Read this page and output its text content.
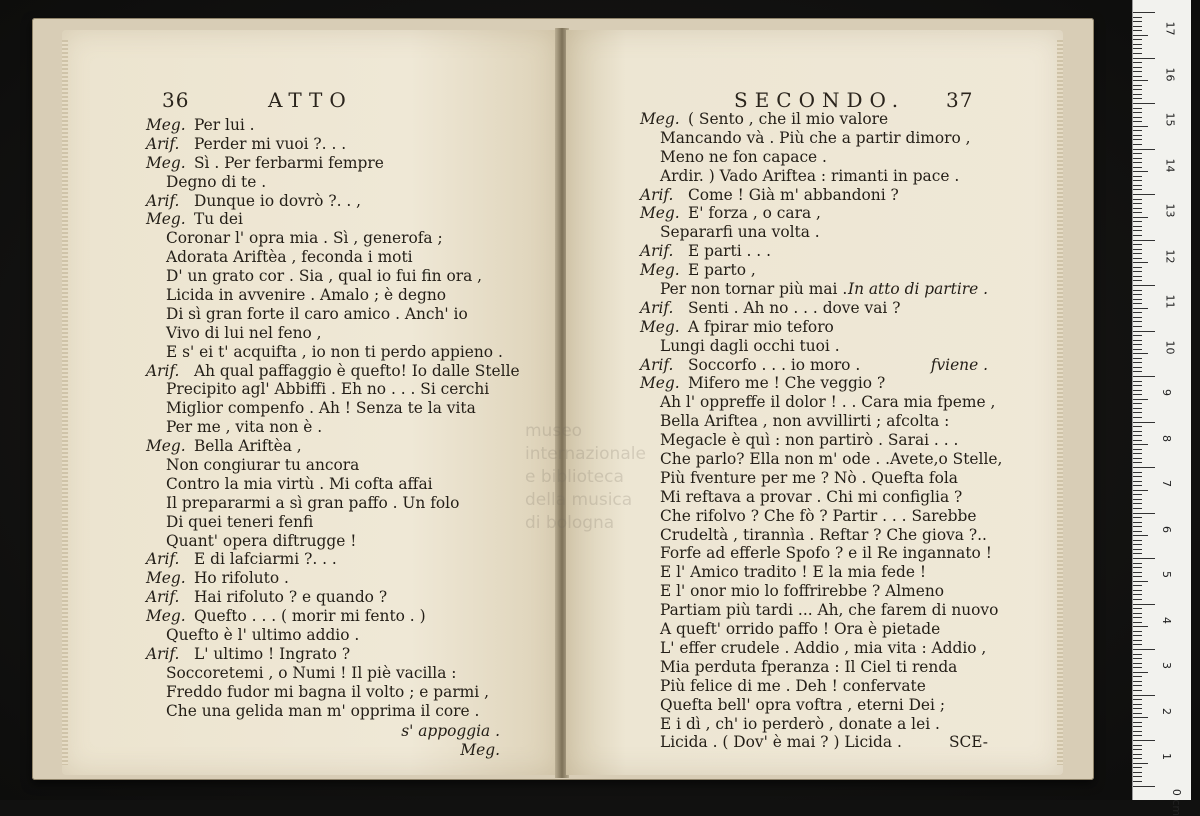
36	ATTO
Meg. Per lui .
Arif. Perder mi vuoi ?. . .
Meg. Sì . Per ferbarmi fempre
Degno di te .
Arif. Dunque io dovrò ?. . ,
Meg. Tu dei
Coronar l' opra mia . Sì , generofa ;
Adorata Ariftèa , feconda i moti
D' un grato cor . Sia , qual io fui fin ora ,
Licida in avvenire . Amalo ; è degno
Di sì gran forte il caro amico . Anch' io
Vivo di lui nel feno ,
E s' ei t' acquifta , io non ti perdo appieno .
Arif. Ah qual paffaggio è quefto! Io dalle Stelle
Precipito agl' Abbiffi . Eh no . . . Si cerchi
Miglior compenfo . Ah ! Senza te la vita
Per me , vita non è .
Meg. Bella Ariftèa ,
Non congiurar tu ancora
Contro la mia virtù . Mi cofta affai
Il prepararmi a sì gran paffo . Un folo
Di quei teneri fenfi
Quant' opera diftrugge !
Arif. E di lafciarmi ?. . .
Meg. Ho rifoluto .
Arif. Hai rifoluto ? e quando ?
Meg. Quefto . . . ( morir mi fento . )
Quefto è l' ultimo addio .
Arif. L' ultimo ! Ingrato ?
Soccoretemi , o Numi ! Il piè vacilla :
Freddo fudor mi bagna il volto ; e parmi ,
Che una gelida man m' opprima il core .
s' appoggia .
Meg.
SECONDO. 37
Meg. ( Sento , che il mio valore
Mancando và . Più che a partir dimoro ,
Meno ne fon capace .
Ardir. ) Vado Ariftea : rimanti in pace .
Arif. Come ! Già m' abbandoni ?
Meg. E' forza , o cara ,
Separarfi una volta .
Arif. E parti . . .
Meg. E parto ,
Per non tornar più mai . In atto di partire .
Arif. Senti . Ah no . . . dove vai ?
Meg. A fpirar mio teforo
Lungi dagli occhi tuoi .
Arif. Soccorfo . . . io moro .	fviene .
Meg. Mifero me ! Che veggio ?
Ah l' oppreffe il dolor ! . . Cara mia fpeme ,
Bella Ariftea , non avvillirti ; afcolta :
Megacle è quì : non partirò . Sarai . . .
Che parlo? Ella non m' ode . .Avete,o Stelle,
Più fventure per me ? Nò . Quefta fola
Mi reftava a provar . Chi mi configlia ?
Che rifolvo ? Che fò ? Partir . . . Sarebbe
Crudeltà , tirannìa . Reftar ? Che giova ?..
Forfe ad efferle Spofo ? e il Re ingannato !
E l' Amico tradito ! E la mia fede !
E l' onor mio lo foffrirebbe ? Almeno
Partiam più tardi ... Ah, che farem di nuovo
A queft' orrido paffo ! Ora è pietade
L' effer crudele . Addio , mia vita : Addio ,
Mia perduta fperanza : Il Ciel ti renda
Più felice di me . Deh ! confervate
Quefta bell' opra voftra , eterni Dei ;
E i dì , ch' io perderò , donate a lei .
Licida . ( Dov' è mai ? ) Licida .	SCE-
museo internazionale
e biblioteca
della musica
di bologna
17
16
15
14
13
12
11
10
9
8
7
6
5
4
3
2
1
0 cm
